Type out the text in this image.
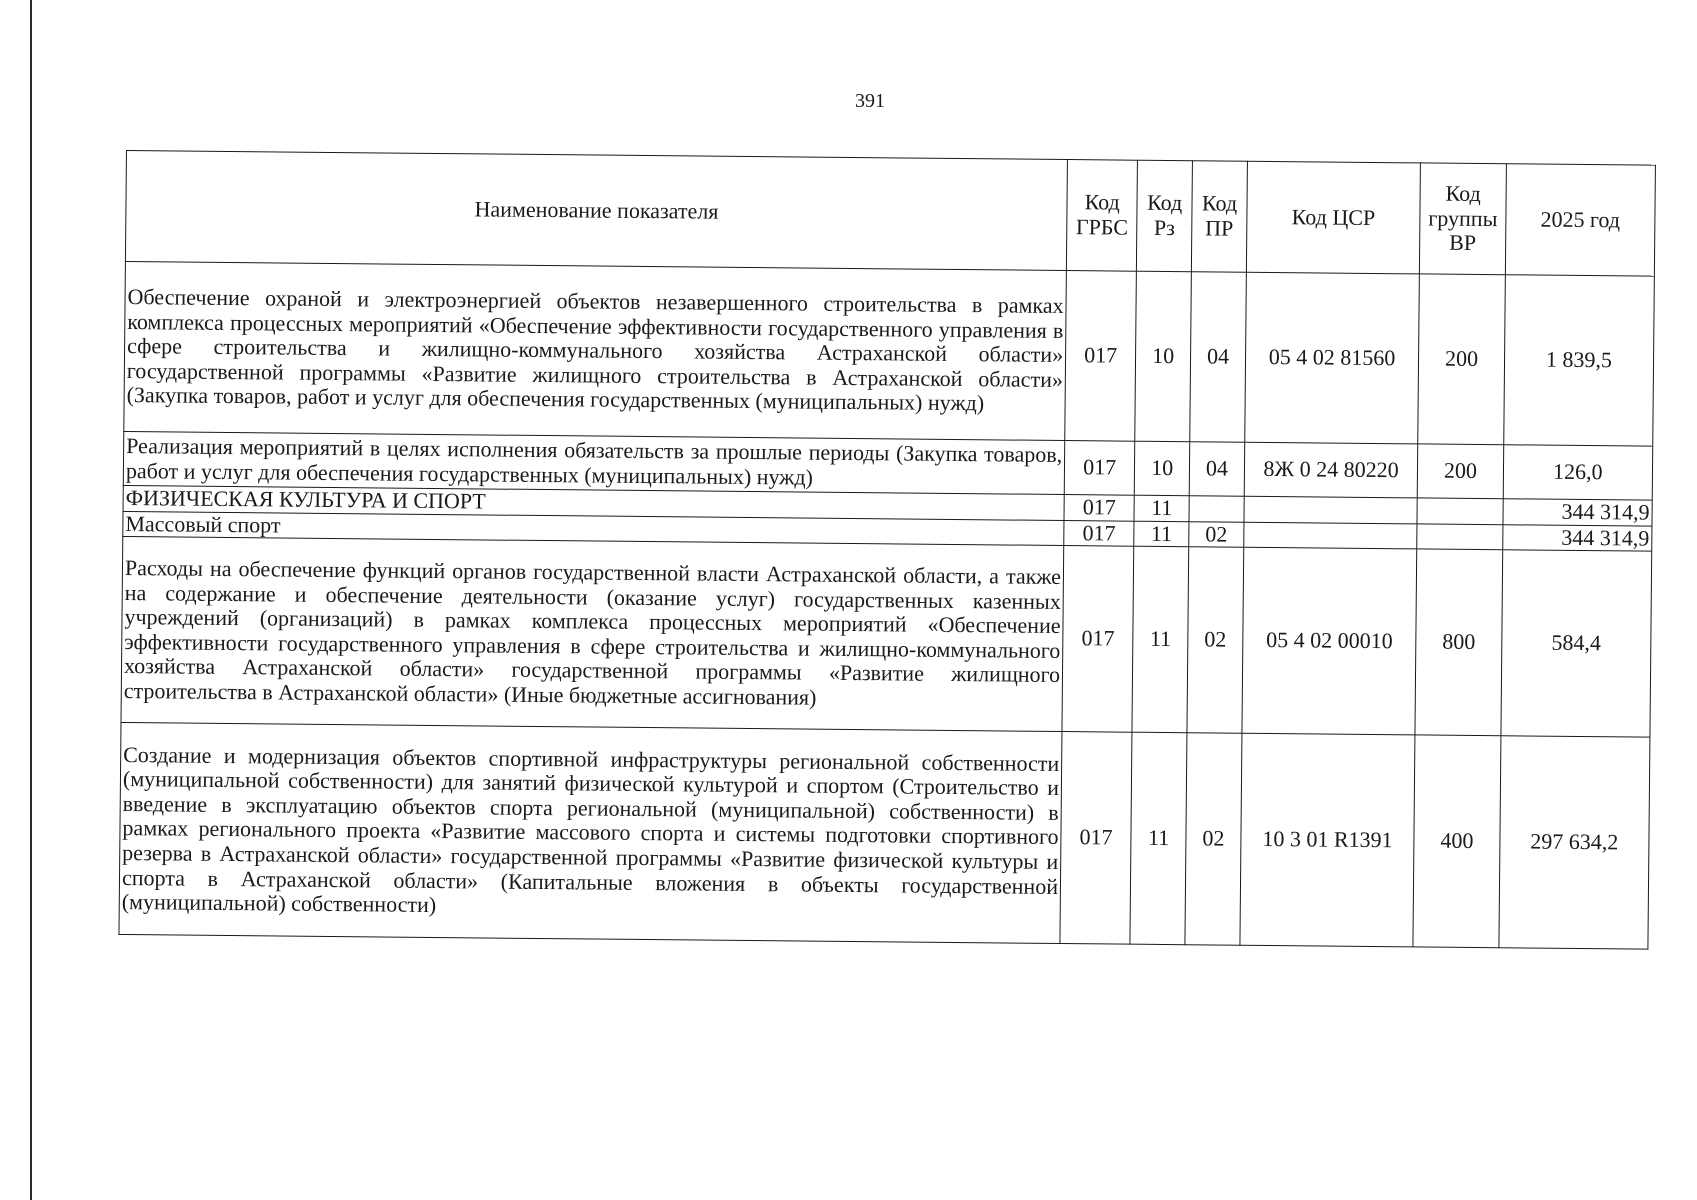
391
Наименование показателя	Код ГРБС	Код Рз	Код ПР	Код ЦСР	Код группы ВР	2025 год
Обеспечение охраной и электроэнергией объектов незавершенного строительства в рамках комплекса процессных мероприятий «Обеспечение эффективности государственного управления в сфере строительства и жилищно-коммунального хозяйства Астраханской области» государственной программы «Развитие жилищного строительства в Астраханской области» (Закупка товаров, работ и услуг для обеспечения государственных (муниципальных) нужд)	017	10	04	05 4 02 81560	200	1 839,5
Реализация мероприятий в целях исполнения обязательств за прошлые периоды (Закупка товаров, работ и услуг для обеспечения государственных (муниципальных) нужд)	017	10	04	8Ж 0 24 80220	200	126,0
ФИЗИЧЕСКАЯ КУЛЬТУРА И СПОРТ	017	11				344 314,9
Массовый спорт	017	11	02			344 314,9
Расходы на обеспечение функций органов государственной власти Астраханской области, а также на содержание и обеспечение деятельности (оказание услуг) государственных казенных учреждений (организаций) в рамках комплекса процессных мероприятий «Обеспечение эффективности государственного управления в сфере строительства и жилищно-коммунального хозяйства Астраханской области» государственной программы «Развитие жилищного строительства в Астраханской области» (Иные бюджетные ассигнования)	017	11	02	05 4 02 00010	800	584,4
Создание и модернизация объектов спортивной инфраструктуры региональной собственности (муниципальной собственности) для занятий физической культурой и спортом (Строительство и введение в эксплуатацию объектов спорта региональной (муниципальной) собственности) в рамках регионального проекта «Развитие массового спорта и системы подготовки спортивного резерва в Астраханской области» государственной программы «Развитие физической культуры и спорта в Астраханской области» (Капитальные вложения в объекты государственной (муниципальной) собственности)	017	11	02	10 3 01 R1391	400	297 634,2
